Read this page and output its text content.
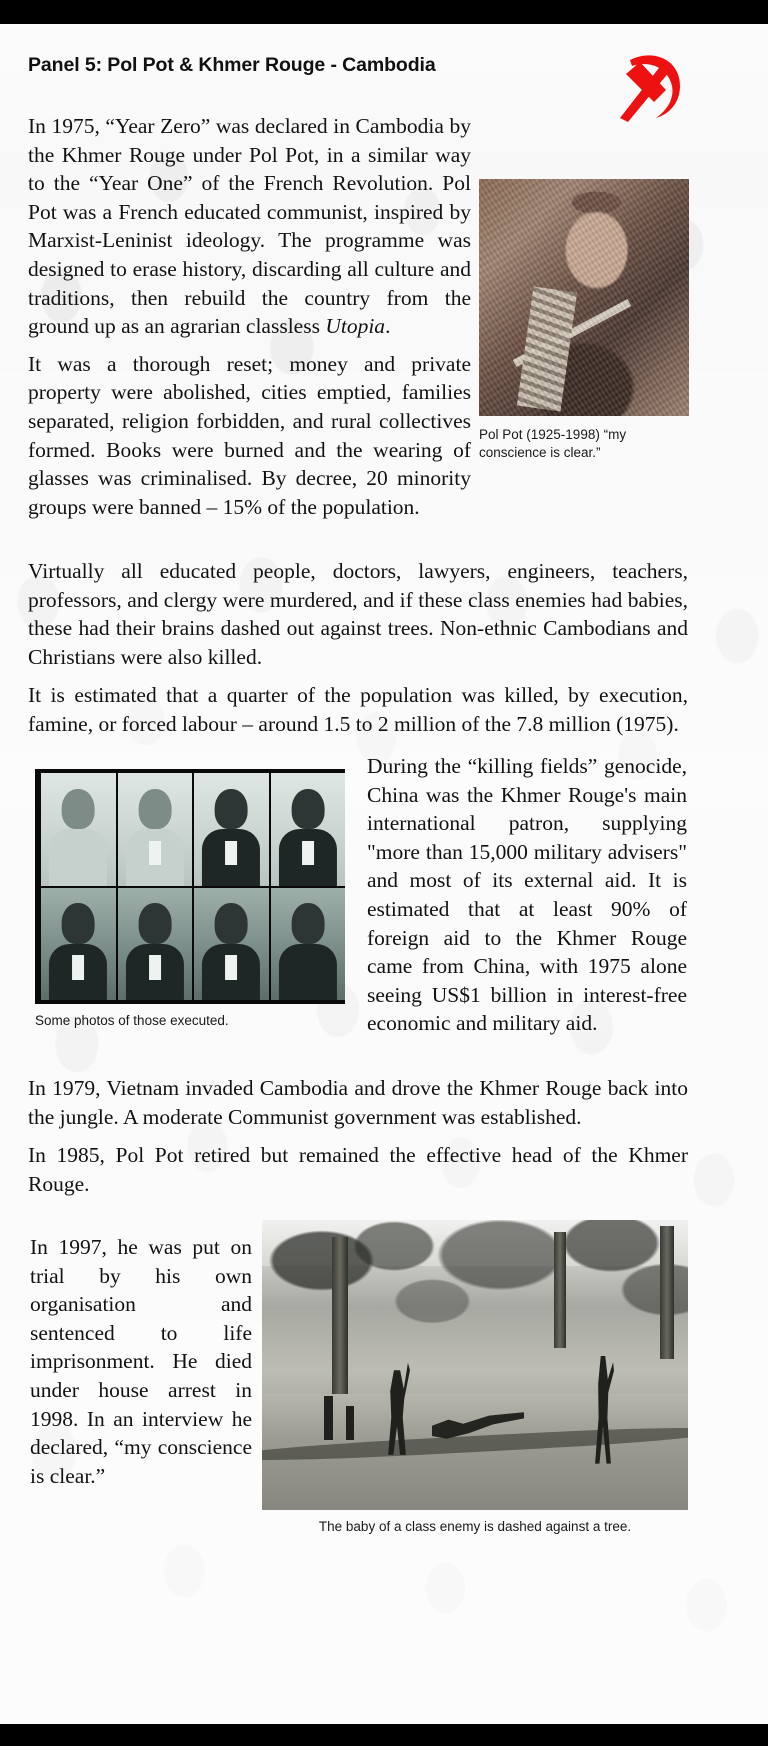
Panel 5: Pol Pot & Khmer Rouge - Cambodia

In 1975, “Year Zero” was declared in Cambodia by the Khmer Rouge under Pol Pot, in a similar way to the “Year One” of the French Revolution. Pol Pot was a French educated communist, inspired by Marxist-Leninist ideology. The programme was designed to erase history, discarding all culture and traditions, then rebuild the country from the ground up as an agrarian classless Utopia.

It was a thorough reset; money and private property were abolished, cities emptied, families separated, religion forbidden, and rural collectives formed. Books were burned and the wearing of glasses was criminalised. By decree, 20 minority groups were banned – 15% of the population.

Pol Pot (1925-1998) “my conscience is clear.”

Virtually all educated people, doctors, lawyers, engineers, teachers, professors, and clergy were murdered, and if these class enemies had babies, these had their brains dashed out against trees. Non-ethnic Cambodians and Christians were also killed.

It is estimated that a quarter of the population was killed, by execution, famine, or forced labour – around 1.5 to 2 million of the 7.8 million (1975).

Some photos of those executed.

During the “killing fields” genocide, China was the Khmer Rouge's main international patron, supplying "more than 15,000 military advisers" and most of its external aid. It is estimated that at least 90% of foreign aid to the Khmer Rouge came from China, with 1975 alone seeing US$1 billion in interest-free economic and military aid.

In 1979, Vietnam invaded Cambodia and drove the Khmer Rouge back into the jungle. A moderate Communist government was established.

In 1985, Pol Pot retired but remained the effective head of the Khmer Rouge.

In 1997, he was put on trial by his own organisation and sentenced to life imprisonment. He died under house arrest in 1998. In an interview he declared, “my conscience is clear.”

The baby of a class enemy is dashed against a tree.
